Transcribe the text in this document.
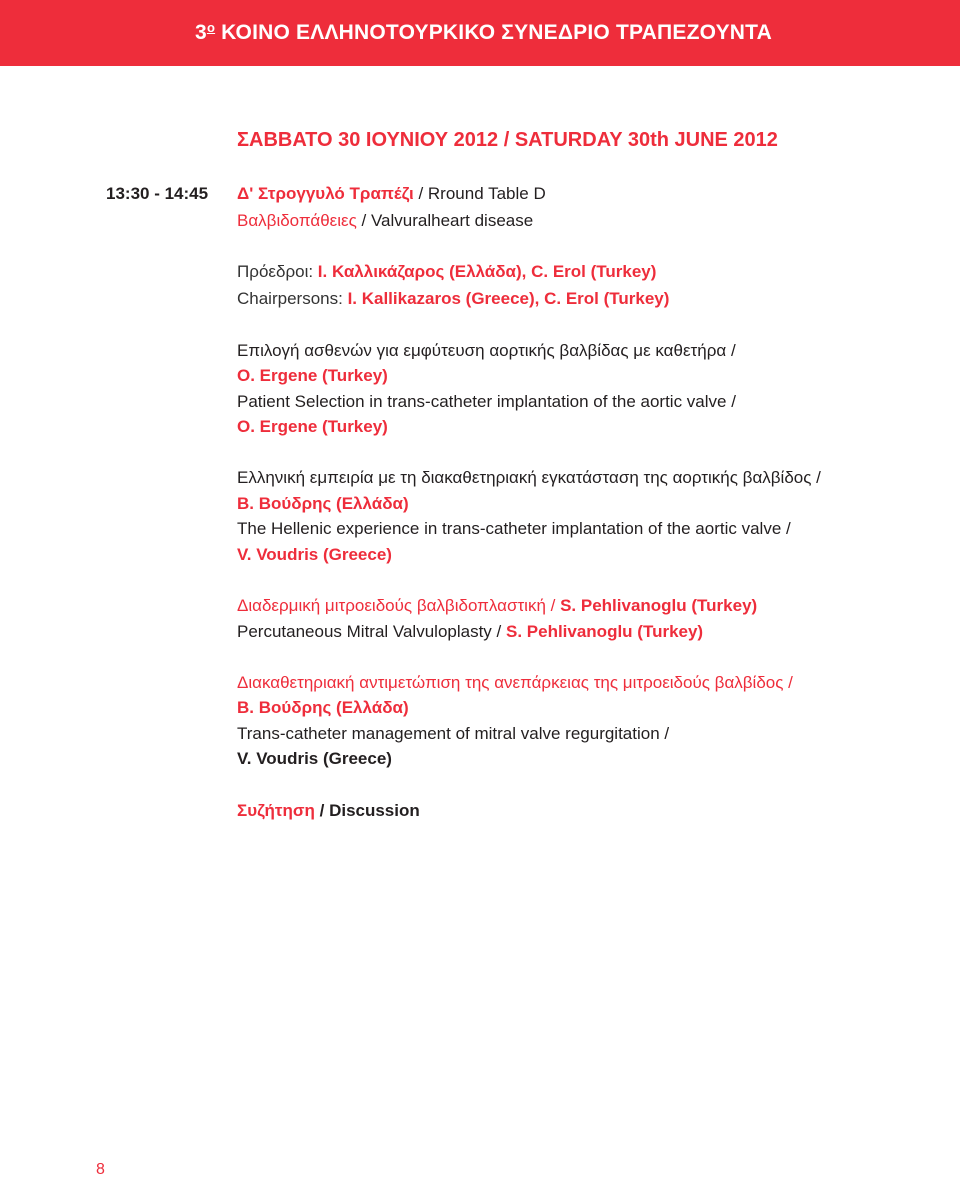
$3^o$ ΚΟΙΝΟ ΕΛΛΗΝΟΤΟΥΡΚΙΚΟ ΣΥΝΕΔΡΙΟ ΤΡΑΠΕΖΟΥΝΤΑ
ΣΑΒΒΑΤΟ 30 ΙΟΥΝΙΟΥ 2012 / SATURDAY 30th JUNE 2012
13:30 - 14:45 Δ' Στρογγυλό Τραπέζι / Rround Table D
Βαλβιδοπάθειες / Valvuralheart disease
Πρόεδροι: Ι. Καλλικάζαρος (Ελλάδα), C. Erol (Turkey)
Chairpersons: I. Kallikazaros (Greece), C. Erol (Turkey)
Επιλογή ασθενών για εμφύτευση αορτικής βαλβίδας με καθετήρα /
O. Ergene (Turkey)
Patient Selection in trans-catheter implantation of the aortic valve /
O. Ergene (Turkey)
Ελληνική εμπειρία με τη διακαθετηριακή εγκατάσταση της αορτικής βαλβίδος /
Β. Βούδρης (Ελλάδα)
The Hellenic experience in trans-catheter implantation of the aortic valve /
V. Voudris (Greece)
Διαδερμική μιτροειδούς βαλβιδοπλαστική / S. Pehlivanoglu (Turkey)
Percutaneous Mitral Valvuloplasty / S. Pehlivanoglu (Turkey)
Διακαθετηριακή αντιμετώπιση της ανεπάρκειας της μιτροειδούς βαλβίδος /
Β. Βούδρης (Ελλάδα)
Trans-catheter management of mitral valve regurgitation /
V. Voudris (Greece)
Συζήτηση / Discussion
8
